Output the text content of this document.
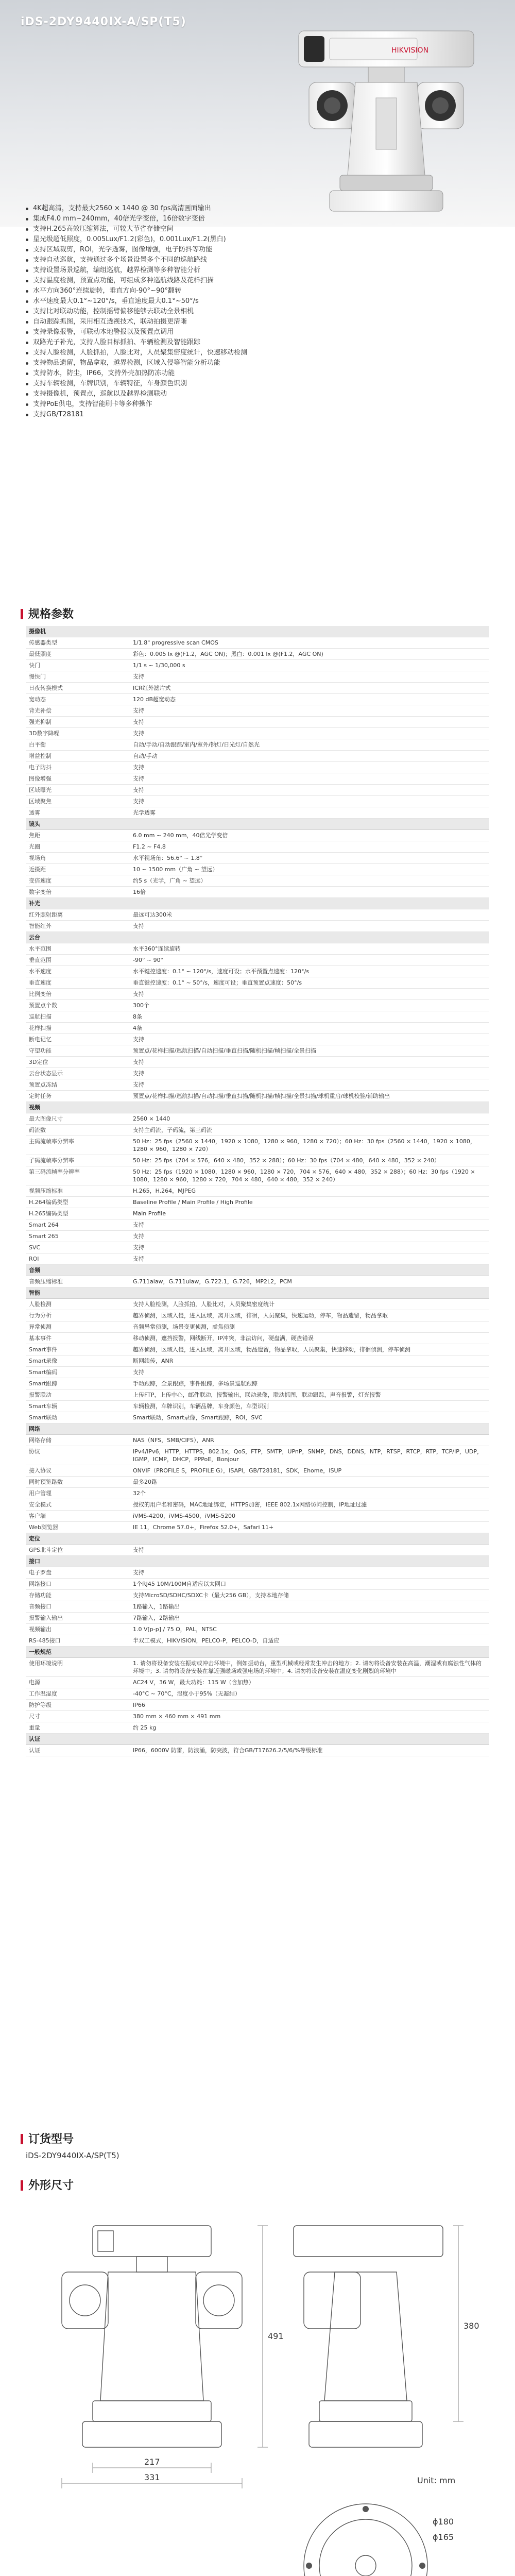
iDS-2DY9440IX-A/SP(T5)
HIKVISION
4K超高清，支持最大2560 × 1440 @ 30 fps高清画面输出
集成F4.0 mm~240mm，40倍光学变倍，16倍数字变倍
支持H.265高效压缩算法，可较大节省存储空间
星光级超低照度，0.005Lux/F1.2(彩色)，0.001Lux/F1.2(黑白)
支持区域裁剪，ROI，光学透雾，图像增强，电子防抖等功能
支持自动巡航，支持通过多个场景设置多个不同的巡航路线
支持设置场景巡航，编组巡航，越界检测等多种智能分析
支持温度检测，预置点功能，可组成多种巡航线路及花样扫描
水平方向360°连续旋转，垂直方向-90°~90°翻转
水平速度最大0.1°~120°/s，垂直速度最大0.1°~50°/s
支持比对联动功能，控制摇臂偏移能够去联动全景相机
自动跟踪抓图，采用相互透视技术，联动拍摄更清晰
支持录像报警，可联动本地警报以及预置点调用
双路光子补光，支持人脸目标抓拍、车辆检测及智能跟踪
支持人脸检测，人脸抓拍，人脸比对，人员聚集密度统计，快速移动检测
支持物品遗留，物品拿取，越界检测，区域入侵等智能分析功能
支持防水，防尘，IP66，支持外壳加热防冻功能
支持车辆检测，车牌识别，车辆特征，车身颜色识别
支持摄像机，预置点，巡航以及越界检测联动
支持PoE供电，支持智能刷卡等多种操作
支持GB/T28181
规格参数
摄像机	
传感器类型	1/1.8" progressive scan CMOS
最低照度	彩色：0.005 lx @(F1.2，AGC ON)；黑白：0.001 lx @(F1.2，AGC ON)
快门	1/1 s ~ 1/30,000 s
慢快门	支持
日夜转换模式	ICR红外滤片式
宽动态	120 dB超宽动态
背光补偿	支持
强光抑制	支持
3D数字降噪	支持
白平衡	自动/手动/自动跟踪/室内/室外/钠灯/日光灯/自然光
增益控制	自动/手动
电子防抖	支持
图像增强	支持
区域曝光	支持
区域聚焦	支持
透雾	光学透雾
镜头	
焦距	6.0 mm ~ 240 mm，40倍光学变倍
光圈	F1.2 ~ F4.8
视场角	水平视场角：56.6° ~ 1.8°
近摄距	10 ~ 1500 mm（广角 ~ 望远）
变倍速度	约5 s（光学，广角 ~ 望远）
数字变倍	16倍
补光	
红外照射距离	最远可达300米
智能红外	支持
云台	
水平范围	水平360°连续旋转
垂直范围	-90° ~ 90°
水平速度	水平键控速度：0.1° ~ 120°/s，速度可设；水平预置点速度：120°/s
垂直速度	垂直键控速度：0.1° ~ 50°/s，速度可设；垂直预置点速度：50°/s
比例变倍	支持
预置点个数	300个
巡航扫描	8条
花样扫描	4条
断电记忆	支持
守望功能	预置点/花样扫描/巡航扫描/自动扫描/垂直扫描/随机扫描/帧扫描/全景扫描
3D定位	支持
云台状态显示	支持
预置点冻结	支持
定时任务	预置点/花样扫描/巡航扫描/自动扫描/垂直扫描/随机扫描/帧扫描/全景扫描/球机重启/球机校验/辅助输出
视频	
最大图像尺寸	2560 × 1440
码流数	支持主码流，子码流，第三码流
主码流帧率分辨率	50 Hz：25 fps（2560 × 1440，1920 × 1080，1280 × 960，1280 × 720）；60 Hz：30 fps（2560 × 1440，1920 × 1080，1280 × 960，1280 × 720）
子码流帧率分辨率	50 Hz：25 fps（704 × 576，640 × 480，352 × 288）；60 Hz：30 fps（704 × 480，640 × 480，352 × 240）
第三码流帧率分辨率	50 Hz：25 fps（1920 × 1080，1280 × 960，1280 × 720，704 × 576，640 × 480，352 × 288）；60 Hz：30 fps（1920 × 1080，1280 × 960，1280 × 720，704 × 480，640 × 480，352 × 240）
视频压缩标准	H.265，H.264，MJPEG
H.264编码类型	Baseline Profile / Main Profile / High Profile
H.265编码类型	Main Profile
Smart 264	支持
Smart 265	支持
SVC	支持
ROI	支持
音频	
音频压缩标准	G.711alaw，G.711ulaw，G.722.1，G.726，MP2L2，PCM
智能	
人脸检测	支持人脸检测，人脸抓拍，人脸比对，人员聚集密度统计
行为分析	越界侦测，区域入侵，进入区域，离开区域，徘徊，人员聚集，快速运动，停车，物品遗留，物品拿取
异常侦测	音频异常侦测，场景变更侦测，虚焦侦测
基本事件	移动侦测，遮挡报警，网线断开，IP冲突，非法访问，硬盘满，硬盘错误
Smart事件	越界侦测，区域入侵，进入区域，离开区域，物品遗留，物品拿取，人员聚集，快速移动，徘徊侦测，停车侦测
Smart录像	断网续传，ANR
Smart编码	支持
Smart跟踪	手动跟踪，全景跟踪，事件跟踪，多场景巡航跟踪
报警联动	上传FTP，上传中心，邮件联动，报警输出，联动录像，联动抓图，联动跟踪，声音报警，灯光报警
Smart车辆	车辆检测，车牌识别，车辆品牌，车身颜色，车型识别
Smart联动	Smart联动，Smart录像，Smart跟踪，ROI，SVC
网络	
网络存储	NAS（NFS，SMB/CIFS），ANR
协议	IPv4/IPv6，HTTP，HTTPS，802.1x，QoS，FTP，SMTP，UPnP，SNMP，DNS，DDNS，NTP，RTSP，RTCP，RTP，TCP/IP，UDP，IGMP，ICMP，DHCP，PPPoE，Bonjour
接入协议	ONVIF（PROFILE S，PROFILE G），ISAPI，GB/T28181，SDK，Ehome，ISUP
同时预览路数	最多20路
用户管理	32个
安全模式	授权的用户名和密码，MAC地址绑定，HTTPS加密，IEEE 802.1x网络访问控制，IP地址过滤
客户端	iVMS-4200，iVMS-4500，iVMS-5200
Web浏览器	IE 11，Chrome 57.0+，Firefox 52.0+，Safari 11+
定位	
GPS北斗定位	支持
接口	
电子罗盘	支持
网络接口	1个RJ45 10M/100M自适应以太网口
存储功能	支持MicroSD/SDHC/SDXC卡（最大256 GB），支持本地存储
音频接口	1路输入，1路输出
报警输入输出	7路输入，2路输出
视频输出	1.0 V[p-p] / 75 Ω，PAL，NTSC
RS-485接口	半双工模式，HIKVISION，PELCO-P，PELCO-D，自适应
一般规范	
使用环境说明	1. 请勿将设备安装在振动或冲击环境中，例如振动台，重型机械或经常发生冲击的地方；2. 请勿将设备安装在高温，潮湿或有腐蚀性气体的环境中；3. 请勿将设备安装在靠近强磁场或强电场的环境中；4. 请勿将设备安装在温度变化剧烈的环境中
电源	AC24 V，36 W，最大功耗：115 W（含加热）
工作温湿度	-40°C ~ 70°C，湿度小于95%（无凝结）
防护等级	IP66
尺寸	380 mm × 460 mm × 491 mm
重量	约 25 kg
认证	
认证	IP66，6000V 防雷，防浪涌，防突波，符合GB/T17626.2/5/6/%等级标准
订货型号
iDS-2DY9440IX-A/SP(T5)
外形尺寸
217
331
491
380
ϕ180
ϕ165
Unit: mm
